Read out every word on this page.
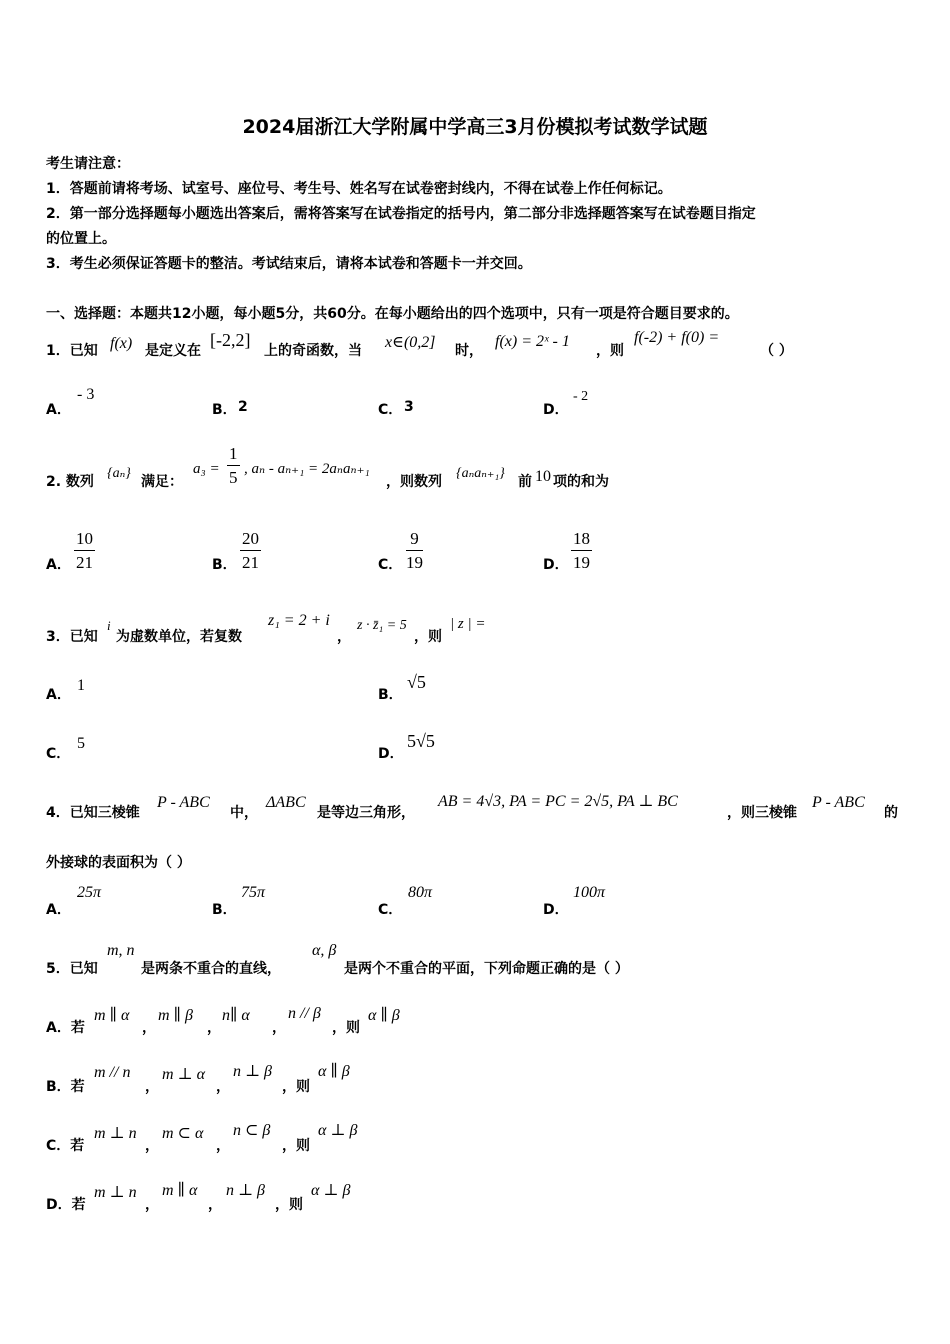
2024届浙江大学附属中学高三3月份模拟考试数学试题
考生请注意：
1．答题前请将考场、试室号、座位号、考生号、姓名写在试卷密封线内，不得在试卷上作任何标记。
2．第一部分选择题每小题选出答案后，需将答案写在试卷指定的括号内，第二部分非选择题答案写在试卷题目指定
的位置上。
3．考生必须保证答题卡的整洁。考试结束后，请将本试卷和答题卡一并交回。
一、选择题：本题共12小题，每小题5分，共60分。在每小题给出的四个选项中，只有一项是符合题目要求的。
1．已知 f(x) 是定义在
[-2,2]
上的奇函数，当 x∈(0,2] 时，
f(x) = 2ˣ - 1
，则
f(-2) + f(0) =
（ ）
A．
- 3
B． 2	C． 3	D．
- 2
2. 数列
{aₙ}
满足：
$a_3 = \frac{1}{5}$ , aₙ - aₙ₊₁ = 2aₙaₙ₊₁
，则数列
{aₙaₙ₊₁}
前 10 项的和为
A． $\frac{10}{21}$	B． $\frac{20}{21}$	C． $\frac{9}{19}$	D． $\frac{18}{19}$
3．已知
i
为虚数单位，若复数
z₁ = 2 + i
，
z · z̄₁ = 5
，则
| z | =
A．
1
B．
√5
C．
5
D．
5√5
4．已知三棱锥
P - ABC
中，
ΔABC
是等边三角形，
AB = 4√3, PA = PC = 2√5, PA ⊥ BC
，则三棱锥
P - ABC
的
外接球的表面积为（ ）
A．
25π
B．
75π
C．
80π
D．
100π
5．已知
m, n
是两条不重合的直线，
α, β
是两个不重合的平面，下列命题正确的是（ ）
A．若
m ∥ α
，
m ∥ β
，
n∥ α
，
n // β
，则
α ∥ β
B．若
m // n
，
m ⊥ α
，
n ⊥ β
，则
α ∥ β
C．若
m ⊥ n
，
m ⊂ α
，
n ⊂ β
，则
α ⊥ β
D．若
m ⊥ n
，
m ∥ α
，
n ⊥ β
，则
α ⊥ β
